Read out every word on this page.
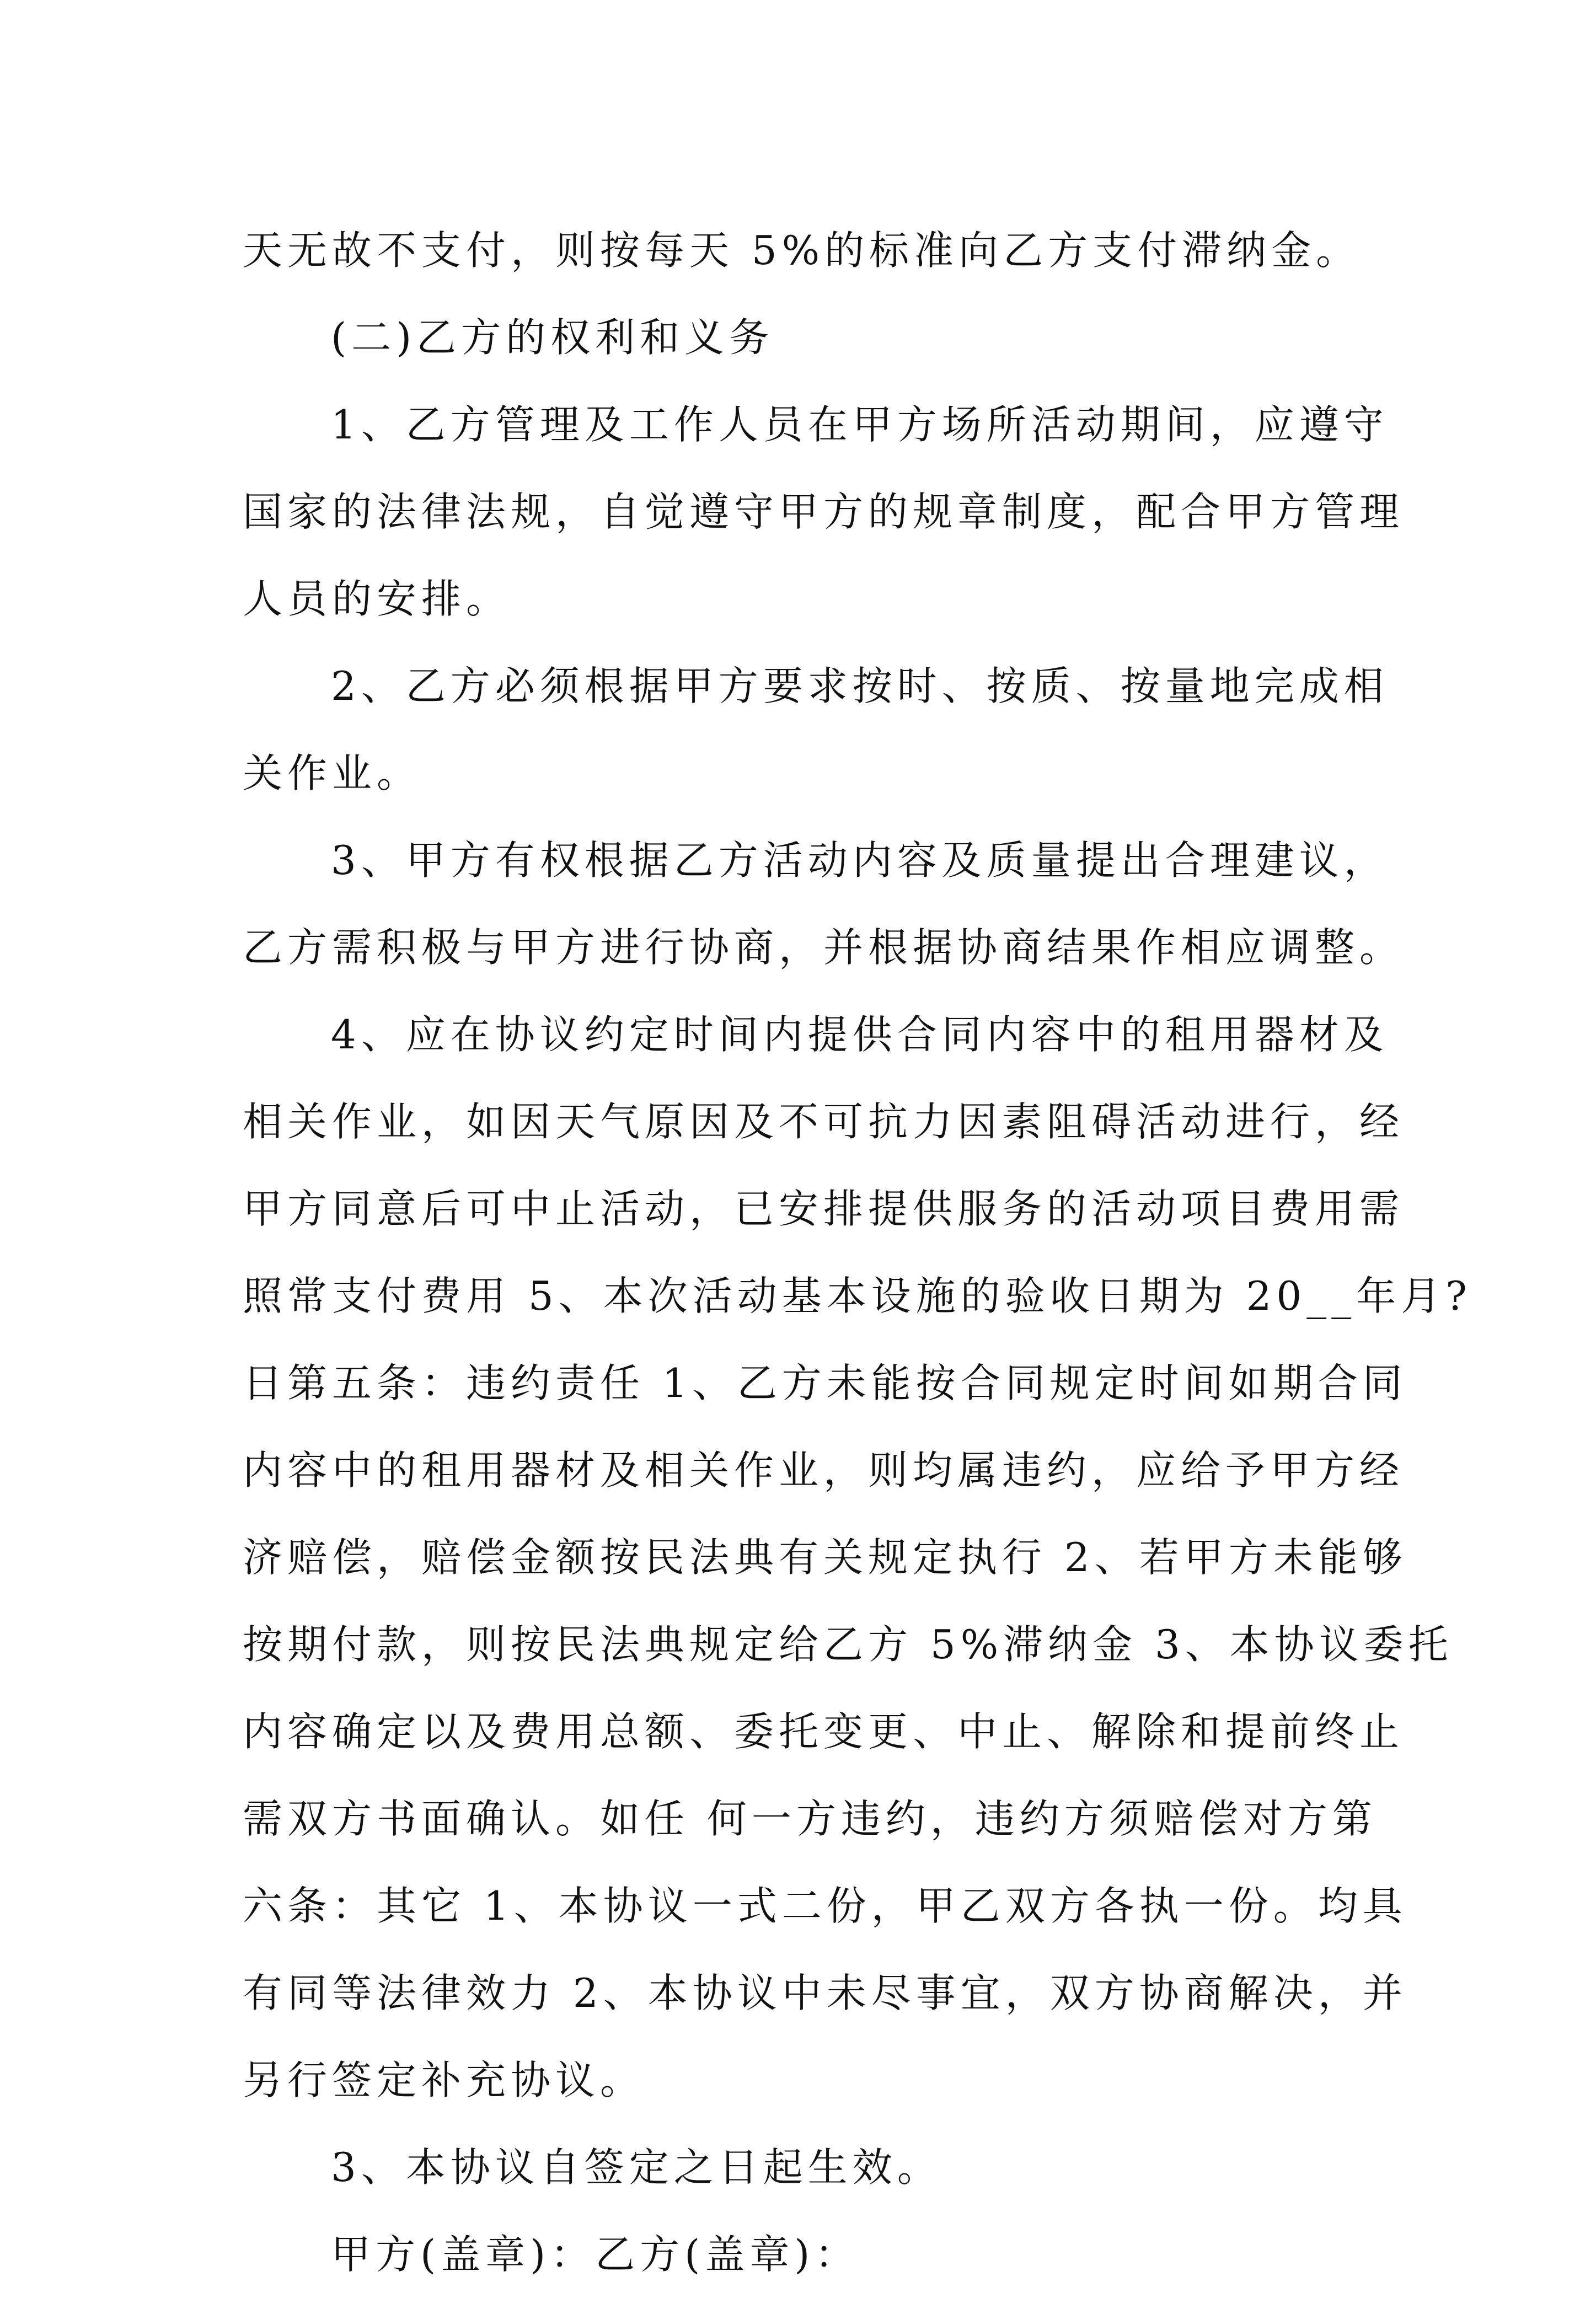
天无故不支付，则按每天 5%的标准向乙方支付滞纳金。
(二)乙方的权利和义务
1、乙方管理及工作人员在甲方场所活动期间，应遵守
国家的法律法规，自觉遵守甲方的规章制度，配合甲方管理
人员的安排。
2、乙方必须根据甲方要求按时、按质、按量地完成相
关作业。
3、甲方有权根据乙方活动内容及质量提出合理建议，
乙方需积极与甲方进行协商，并根据协商结果作相应调整。
4、应在协议约定时间内提供合同内容中的租用器材及
相关作业，如因天气原因及不可抗力因素阻碍活动进行，经
甲方同意后可中止活动，已安排提供服务的活动项目费用需
照常支付费用 5、本次活动基本设施的验收日期为 20__年月?
日第五条：违约责任 1、乙方未能按合同规定时间如期合同
内容中的租用器材及相关作业，则均属违约，应给予甲方经
济赔偿，赔偿金额按民法典有关规定执行 2、若甲方未能够
按期付款，则按民法典规定给乙方 5%滞纳金 3、本协议委托
内容确定以及费用总额、委托变更、中止、解除和提前终止
需双方书面确认。如任 何一方违约，违约方须赔偿对方第
六条：其它 1、本协议一式二份，甲乙双方各执一份。均具
有同等法律效力 2、本协议中未尽事宜，双方协商解决，并
另行签定补充协议。
3、本协议自签定之日起生效。
甲方(盖章)：乙方(盖章)：
